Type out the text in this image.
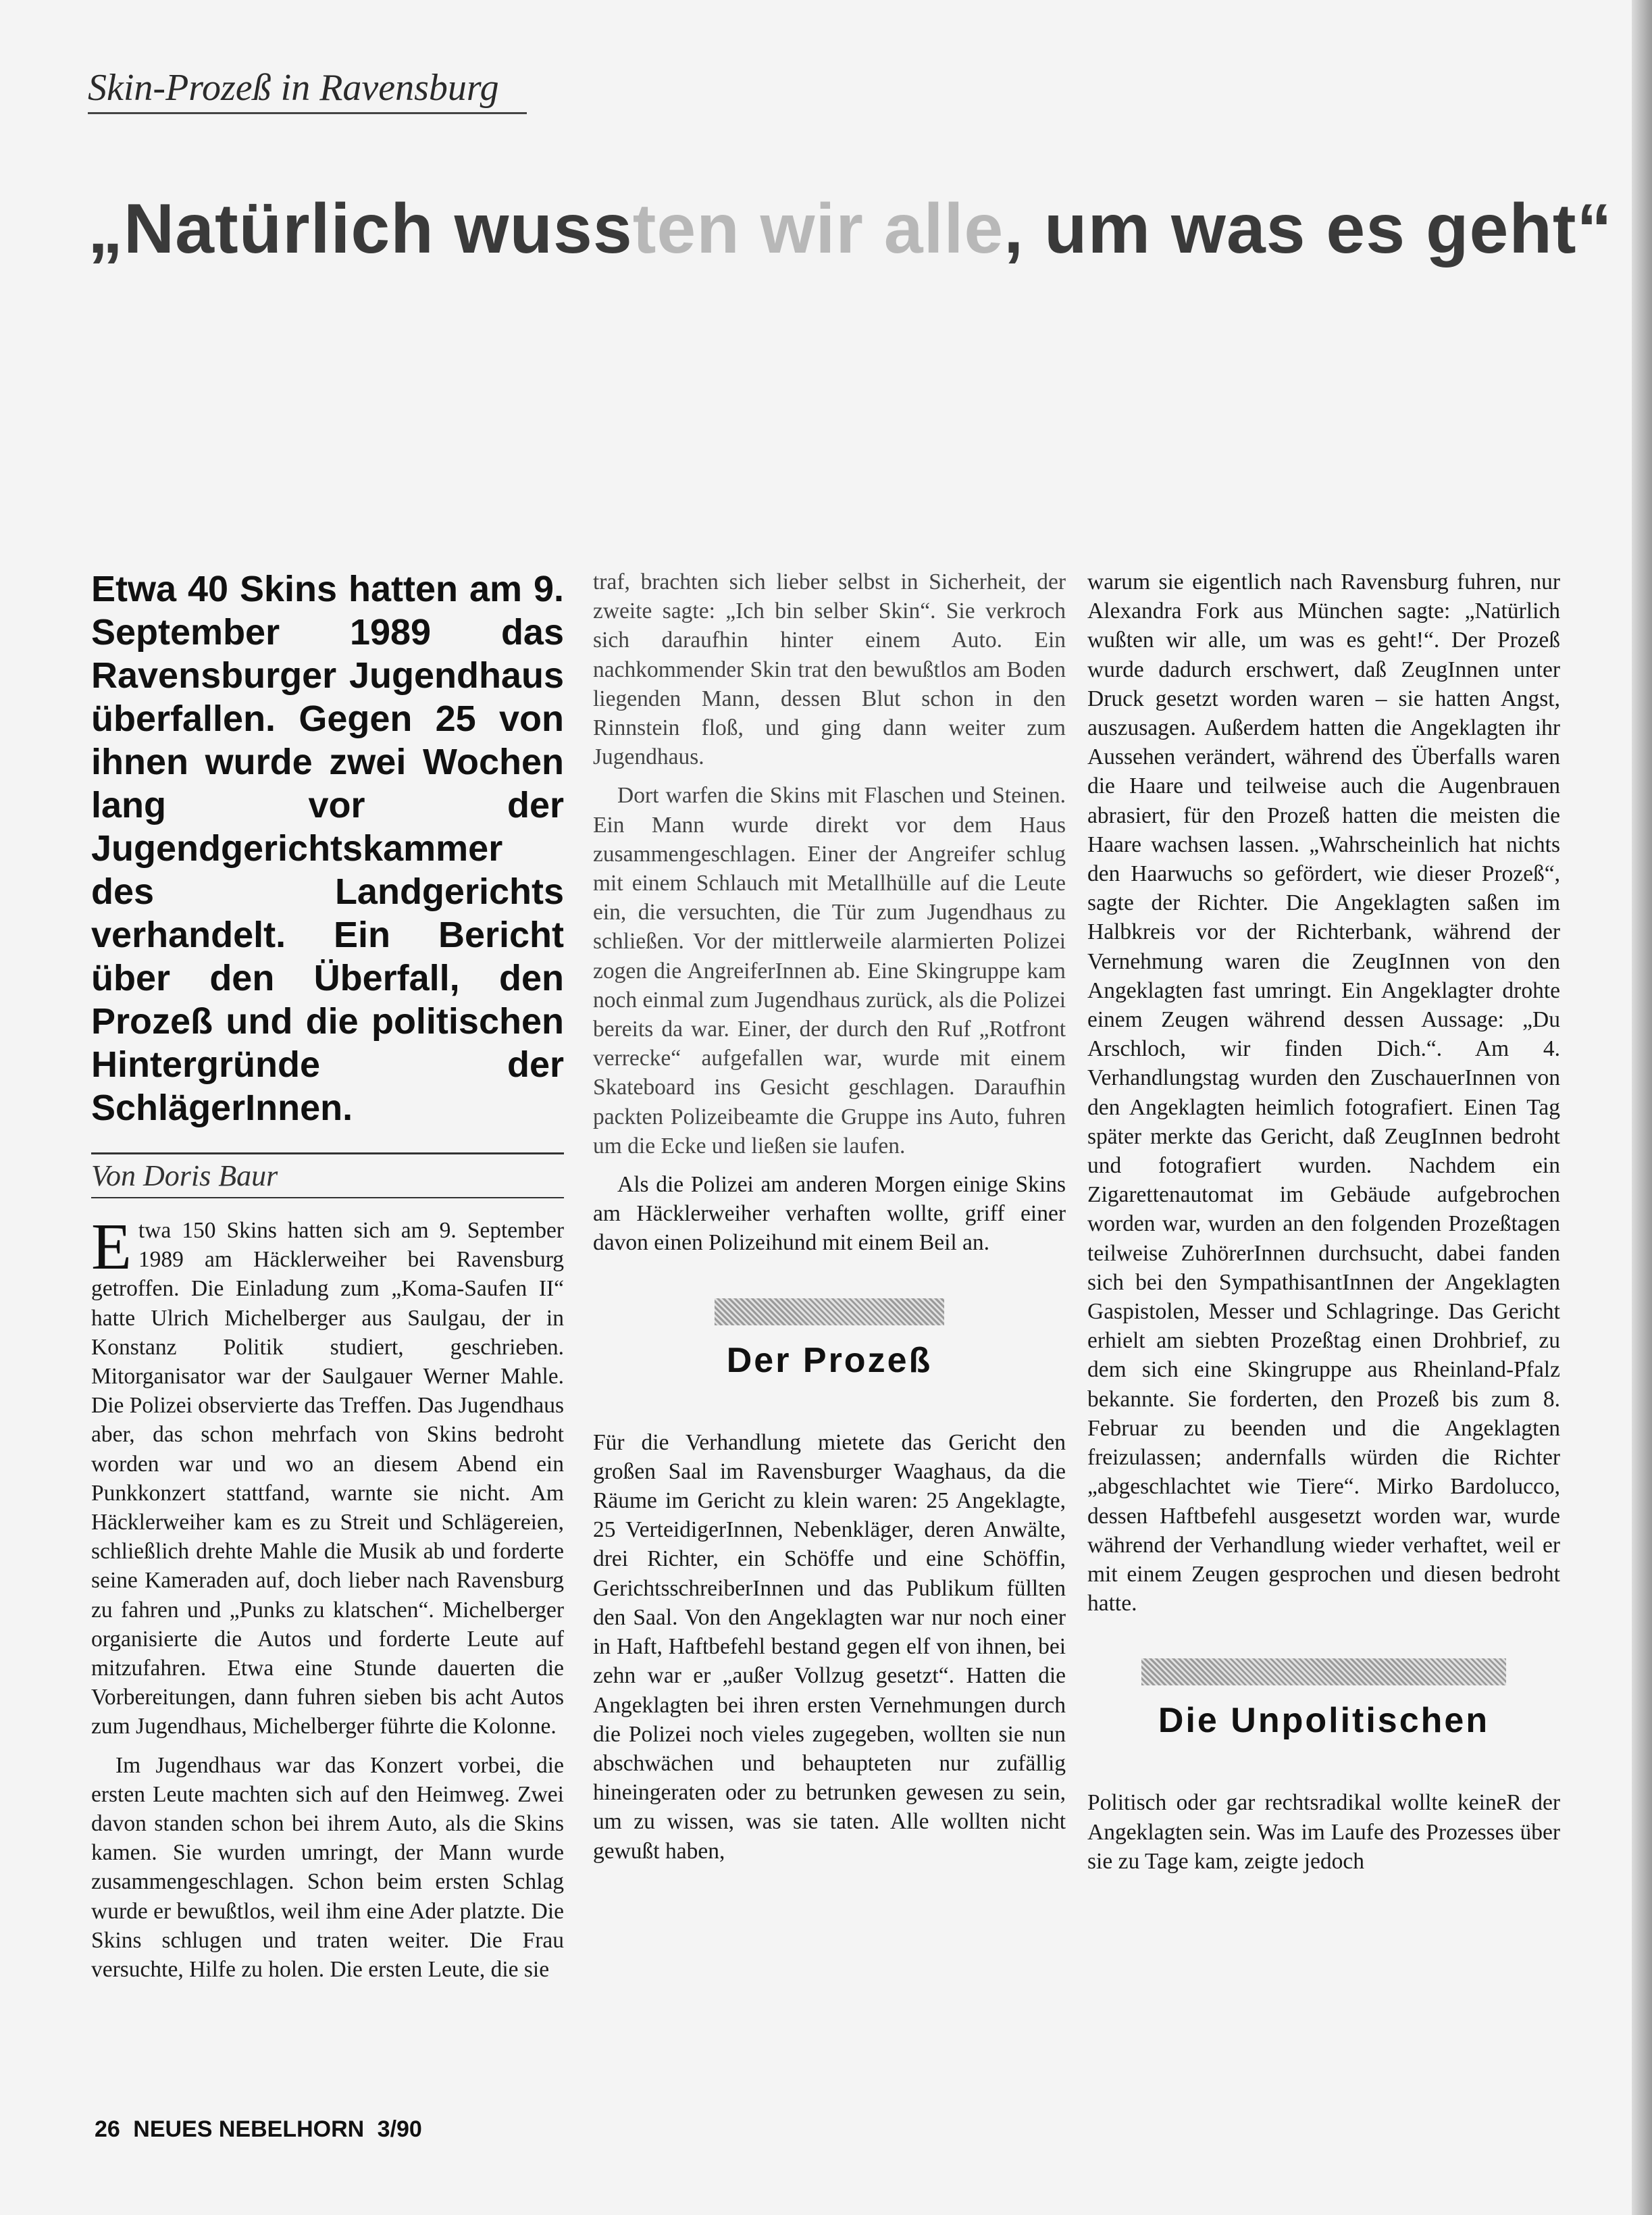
Skin-Prozeß in Ravensburg
„Natürlich wussten wir alle, um was es geht“

Etwa 40 Skins hatten am 9. September 1989 das Ravensburger Jugendhaus überfallen. Gegen 25 von ihnen wurde zwei Wochen lang vor der Jugendgerichtskammer des Landgerichts verhandelt. Ein Bericht über den Überfall, den Prozeß und die politischen Hintergründe der SchlägerInnen.

Von Doris Baur

Etwa 150 Skins hatten sich am 9. September 1989 am Häcklerweiher bei Ravensburg getroffen. Die Einladung zum „Koma-Saufen II“ hatte Ulrich Michelberger aus Saulgau, der in Konstanz Politik studiert, geschrieben. Mitorganisator war der Saulgauer Werner Mahle. Die Polizei observierte das Treffen. Das Jugendhaus aber, das schon mehrfach von Skins bedroht worden war und wo an diesem Abend ein Punkkonzert stattfand, warnte sie nicht. Am Häcklerweiher kam es zu Streit und Schlägereien, schließlich drehte Mahle die Musik ab und forderte seine Kameraden auf, doch lieber nach Ravensburg zu fahren und „Punks zu klatschen“. Michelberger organisierte die Autos und forderte Leute auf mitzufahren. Etwa eine Stunde dauerten die Vorbereitungen, dann fuhren sieben bis acht Autos zum Jugendhaus, Michelberger führte die Kolonne.

Im Jugendhaus war das Konzert vorbei, die ersten Leute machten sich auf den Heimweg. Zwei davon standen schon bei ihrem Auto, als die Skins kamen. Sie wurden umringt, der Mann wurde zusammengeschlagen. Schon beim ersten Schlag wurde er bewußtlos, weil ihm eine Ader platzte. Die Skins schlugen und traten weiter. Die Frau versuchte, Hilfe zu holen. Die ersten Leute, die sie

traf, brachten sich lieber selbst in Sicherheit, der zweite sagte: „Ich bin selber Skin“. Sie verkroch sich daraufhin hinter einem Auto. Ein nachkommender Skin trat den bewußtlos am Boden liegenden Mann, dessen Blut schon in den Rinnstein floß, und ging dann weiter zum Jugendhaus.

Dort warfen die Skins mit Flaschen und Steinen. Ein Mann wurde direkt vor dem Haus zusammengeschlagen. Einer der Angreifer schlug mit einem Schlauch mit Metallhülle auf die Leute ein, die versuchten, die Tür zum Jugendhaus zu schließen. Vor der mittlerweile alarmierten Polizei zogen die AngreiferInnen ab. Eine Skingruppe kam noch einmal zum Jugendhaus zurück, als die Polizei bereits da war. Einer, der durch den Ruf „Rotfront verrecke“ aufgefallen war, wurde mit einem Skateboard ins Gesicht geschlagen. Daraufhin packten Polizeibeamte die Gruppe ins Auto, fuhren um die Ecke und ließen sie laufen.

Als die Polizei am anderen Morgen einige Skins am Häcklerweiher verhaften wollte, griff einer davon einen Polizeihund mit einem Beil an.

Der Prozeß

Für die Verhandlung mietete das Gericht den großen Saal im Ravensburger Waaghaus, da die Räume im Gericht zu klein waren: 25 Angeklagte, 25 VerteidigerInnen, Nebenkläger, deren Anwälte, drei Richter, ein Schöffe und eine Schöffin, GerichtsschreiberInnen und das Publikum füllten den Saal. Von den Angeklagten war nur noch einer in Haft, Haftbefehl bestand gegen elf von ihnen, bei zehn war er „außer Vollzug gesetzt“. Hatten die Angeklagten bei ihren ersten Vernehmungen durch die Polizei noch vieles zugegeben, wollten sie nun abschwächen und behaupteten nur zufällig hineingeraten oder zu betrunken gewesen zu sein, um zu wissen, was sie taten. Alle wollten nicht gewußt haben,

warum sie eigentlich nach Ravensburg fuhren, nur Alexandra Fork aus München sagte: „Natürlich wußten wir alle, um was es geht!“. Der Prozeß wurde dadurch erschwert, daß ZeugInnen unter Druck gesetzt worden waren – sie hatten Angst, auszusagen. Außerdem hatten die Angeklagten ihr Aussehen verändert, während des Überfalls waren die Haare und teilweise auch die Augenbrauen abrasiert, für den Prozeß hatten die meisten die Haare wachsen lassen. „Wahrscheinlich hat nichts den Haarwuchs so gefördert, wie dieser Prozeß“, sagte der Richter. Die Angeklagten saßen im Halbkreis vor der Richterbank, während der Vernehmung waren die ZeugInnen von den Angeklagten fast umringt. Ein Angeklagter drohte einem Zeugen während dessen Aussage: „Du Arschloch, wir finden Dich.“. Am 4. Verhandlungstag wurden den ZuschauerInnen von den Angeklagten heimlich fotografiert. Einen Tag später merkte das Gericht, daß ZeugInnen bedroht und fotografiert wurden. Nachdem ein Zigarettenautomat im Gebäude aufgebrochen worden war, wurden an den folgenden Prozeßtagen teilweise ZuhörerInnen durchsucht, dabei fanden sich bei den SympathisantInnen der Angeklagten Gaspistolen, Messer und Schlagringe. Das Gericht erhielt am siebten Prozeßtag einen Drohbrief, zu dem sich eine Skingruppe aus Rheinland-Pfalz bekannte. Sie forderten, den Prozeß bis zum 8. Februar zu beenden und die Angeklagten freizulassen; andernfalls würden die Richter „abgeschlachtet wie Tiere“. Mirko Bardolucco, dessen Haftbefehl ausgesetzt worden war, wurde während der Verhandlung wieder verhaftet, weil er mit einem Zeugen gesprochen und diesen bedroht hatte.

Die Unpolitischen

Politisch oder gar rechtsradikal wollte keineR der Angeklagten sein. Was im Laufe des Prozesses über sie zu Tage kam, zeigte jedoch

26 NEUES NEBELHORN 3/90
